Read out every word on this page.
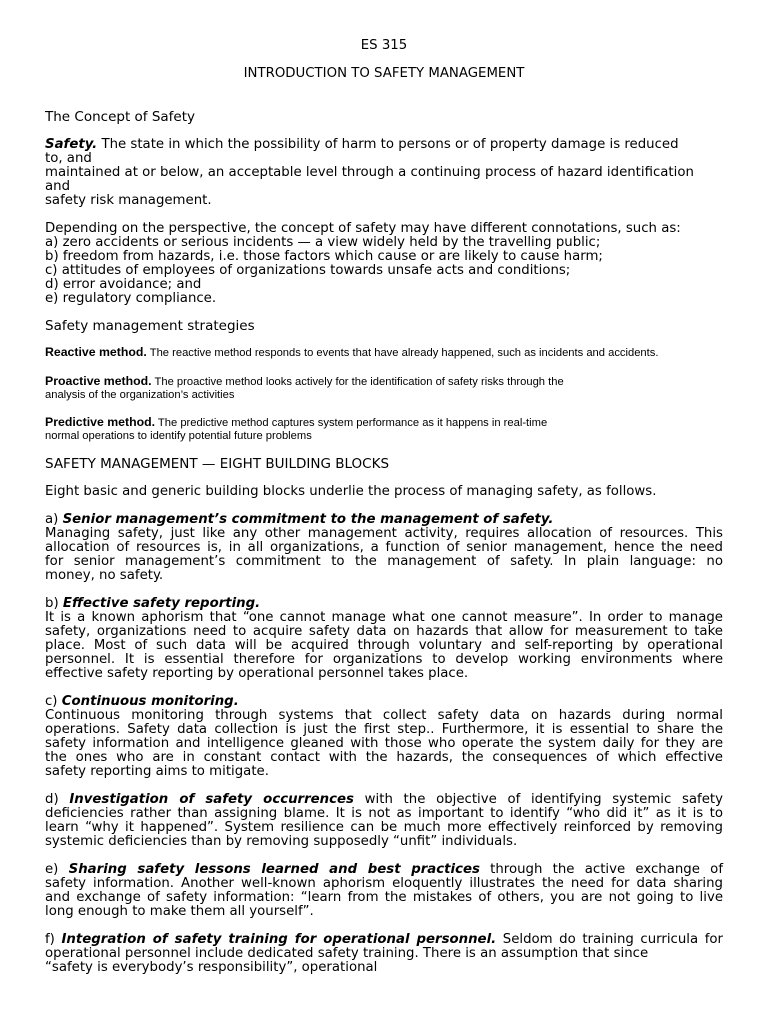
ES 315
INTRODUCTION TO SAFETY MANAGEMENT
The Concept of Safety
Safety. The state in which the possibility of harm to persons or of property damage is reduced
to, and
maintained at or below, an acceptable level through a continuing process of hazard identification
and
safety risk management.
Depending on the perspective, the concept of safety may have different connotations, such as:
a) zero accidents or serious incidents — a view widely held by the travelling public;
b) freedom from hazards, i.e. those factors which cause or are likely to cause harm;
c) attitudes of employees of organizations towards unsafe acts and conditions;
d) error avoidance; and
e) regulatory compliance.
Safety management strategies
Reactive method. The reactive method responds to events that have already happened, such as incidents and accidents.
Proactive method. The proactive method looks actively for the identification of safety risks through the
analysis of the organization’s activities
Predictive method. The predictive method captures system performance as it happens in real-time
normal operations to identify potential future problems
SAFETY MANAGEMENT — EIGHT BUILDING BLOCKS
Eight basic and generic building blocks underlie the process of managing safety, as follows.
a) Senior management’s commitment to the management of safety.
Managing safety, just like any other management activity, requires allocation of resources. This
allocation of resources is, in all organizations, a function of senior management, hence the need
for senior management’s commitment to the management of safety. In plain language: no
money, no safety.
b) Effective safety reporting.
It is a known aphorism that “one cannot manage what one cannot measure”. In order to manage
safety, organizations need to acquire safety data on hazards that allow for measurement to take
place. Most of such data will be acquired through voluntary and self-reporting by operational
personnel. It is essential therefore for organizations to develop working environments where
effective safety reporting by operational personnel takes place.
c) Continuous monitoring.
Continuous monitoring through systems that collect safety data on hazards during normal
operations. Safety data collection is just the first step.. Furthermore, it is essential to share the
safety information and intelligence gleaned with those who operate the system daily for they are
the ones who are in constant contact with the hazards, the consequences of which effective
safety reporting aims to mitigate.
d) Investigation of safety occurrences with the objective of identifying systemic safety
deficiencies rather than assigning blame. It is not as important to identify “who did it” as it is to
learn “why it happened”. System resilience can be much more effectively reinforced by removing
systemic deficiencies than by removing supposedly “unfit” individuals.
e) Sharing safety lessons learned and best practices through the active exchange of
safety information. Another well-known aphorism eloquently illustrates the need for data sharing
and exchange of safety information: “learn from the mistakes of others, you are not going to live
long enough to make them all yourself”.
f) Integration of safety training for operational personnel. Seldom do training curricula for
operational personnel include dedicated safety training. There is an assumption that since
“safety is everybody’s responsibility”, operational
